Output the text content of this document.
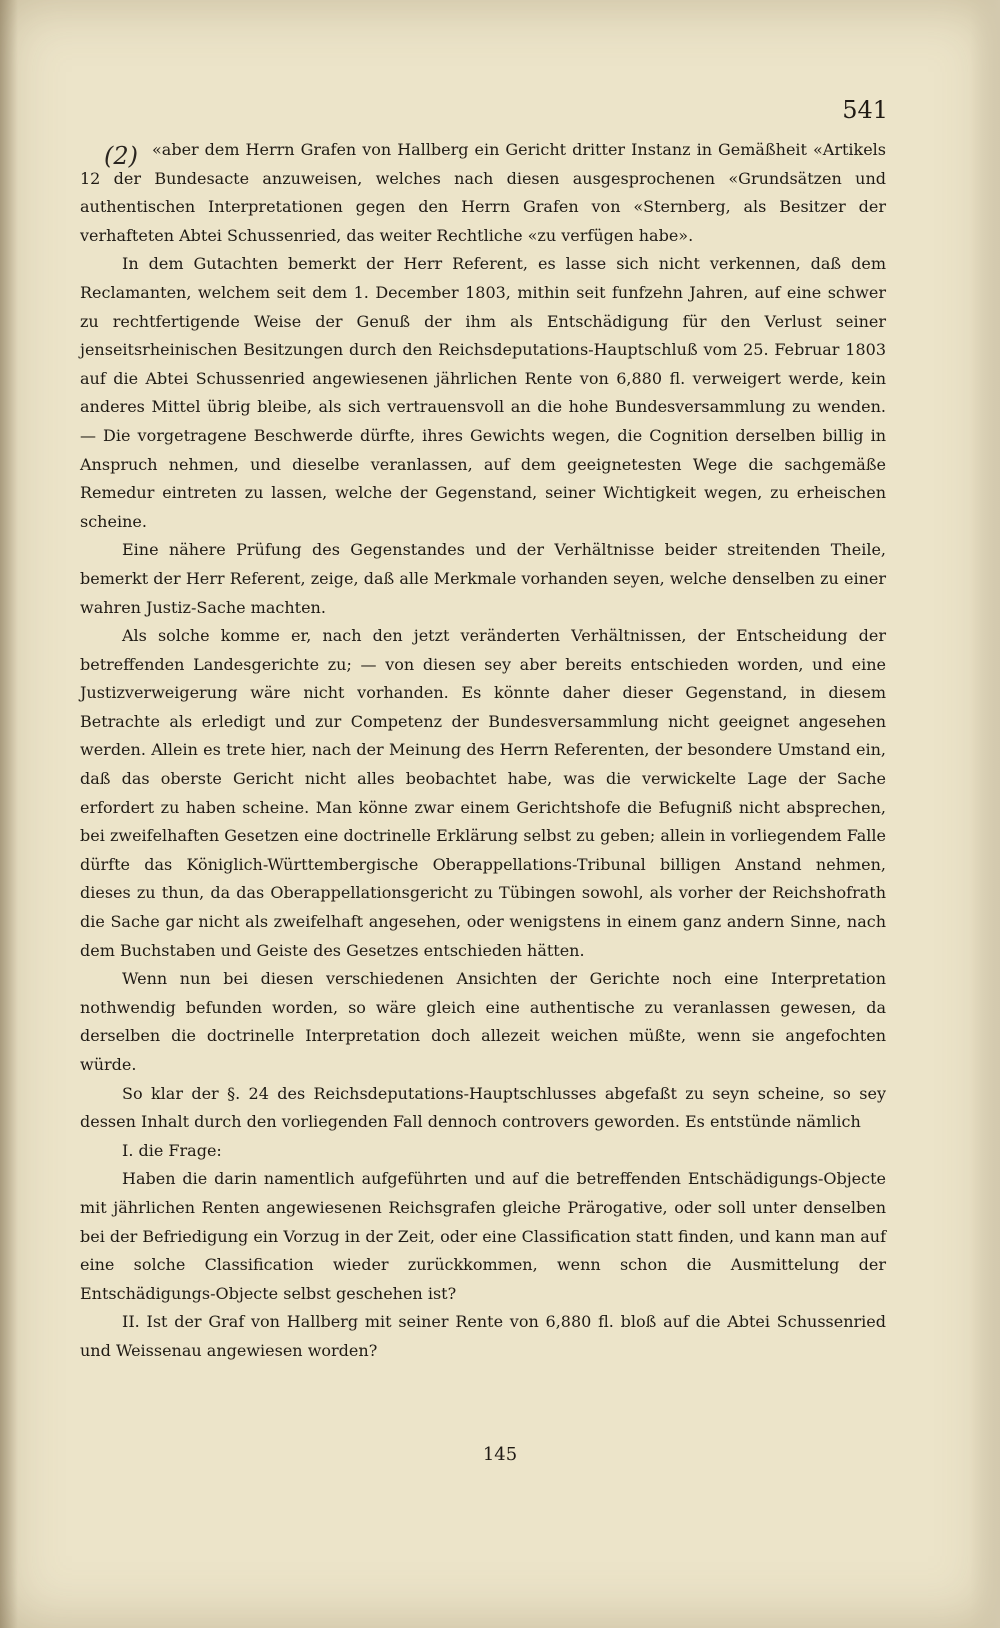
541
(2) «aber dem Herrn Grafen von Hallberg ein Gericht dritter Instanz in Gemäßheit «Artikels 12 der Bundesacte anzuweisen, welches nach diesen ausgesprochenen «Grundsätzen und authentischen Interpretationen gegen den Herrn Grafen von «Sternberg, als Besitzer der verhafteten Abtei Schussenried, das weiter Rechtliche «zu verfügen habe».

In dem Gutachten bemerkt der Herr Referent, es lasse sich nicht verkennen, daß dem Reclamanten, welchem seit dem 1. December 1803, mithin seit funfzehn Jahren, auf eine schwer zu rechtfertigende Weise der Genuß der ihm als Entschädigung für den Verlust seiner jenseitsrheinischen Besitzungen durch den Reichsdeputations-Hauptschluß vom 25. Februar 1803 auf die Abtei Schussenried angewiesenen jährlichen Rente von 6,880 fl. verweigert werde, kein anderes Mittel übrig bleibe, als sich vertrauensvoll an die hohe Bundesversammlung zu wenden. — Die vorgetragene Beschwerde dürfte, ihres Gewichts wegen, die Cognition derselben billig in Anspruch nehmen, und dieselbe veranlassen, auf dem geeignetesten Wege die sachgemäße Remedur eintreten zu lassen, welche der Gegenstand, seiner Wichtigkeit wegen, zu erheischen scheine.

Eine nähere Prüfung des Gegenstandes und der Verhältnisse beider streitenden Theile, bemerkt der Herr Referent, zeige, daß alle Merkmale vorhanden seyen, welche denselben zu einer wahren Justiz-Sache machten.

Als solche komme er, nach den jetzt veränderten Verhältnissen, der Entscheidung der betreffenden Landesgerichte zu; — von diesen sey aber bereits entschieden worden, und eine Justizverweigerung wäre nicht vorhanden. Es könnte daher dieser Gegenstand, in diesem Betrachte als erledigt und zur Competenz der Bundesversammlung nicht geeignet angesehen werden. Allein es trete hier, nach der Meinung des Herrn Referenten, der besondere Umstand ein, daß das oberste Gericht nicht alles beobachtet habe, was die verwickelte Lage der Sache erfordert zu haben scheine. Man könne zwar einem Gerichtshofe die Befugniß nicht absprechen, bei zweifelhaften Gesetzen eine doctrinelle Erklärung selbst zu geben; allein in vorliegendem Falle dürfte das Königlich-Württembergische Oberappellations-Tribunal billigen Anstand nehmen, dieses zu thun, da das Oberappellationsgericht zu Tübingen sowohl, als vorher der Reichshofrath die Sache gar nicht als zweifelhaft angesehen, oder wenigstens in einem ganz andern Sinne, nach dem Buchstaben und Geiste des Gesetzes entschieden hätten.

Wenn nun bei diesen verschiedenen Ansichten der Gerichte noch eine Interpretation nothwendig befunden worden, so wäre gleich eine authentische zu veranlassen gewesen, da derselben die doctrinelle Interpretation doch allezeit weichen müßte, wenn sie angefochten würde.

So klar der §. 24 des Reichsdeputations-Hauptschlusses abgefaßt zu seyn scheine, so sey dessen Inhalt durch den vorliegenden Fall dennoch controvers geworden. Es entstünde nämlich

I. die Frage:

Haben die darin namentlich aufgeführten und auf die betreffenden Entschädigungs-Objecte mit jährlichen Renten angewiesenen Reichsgrafen gleiche Prärogative, oder soll unter denselben bei der Befriedigung ein Vorzug in der Zeit, oder eine Classification statt finden, und kann man auf eine solche Classification wieder zurückkommen, wenn schon die Ausmittelung der Entschädigungs-Objecte selbst geschehen ist?

II. Ist der Graf von Hallberg mit seiner Rente von 6,880 fl. bloß auf die Abtei Schussenried und Weissenau angewiesen worden?

145
